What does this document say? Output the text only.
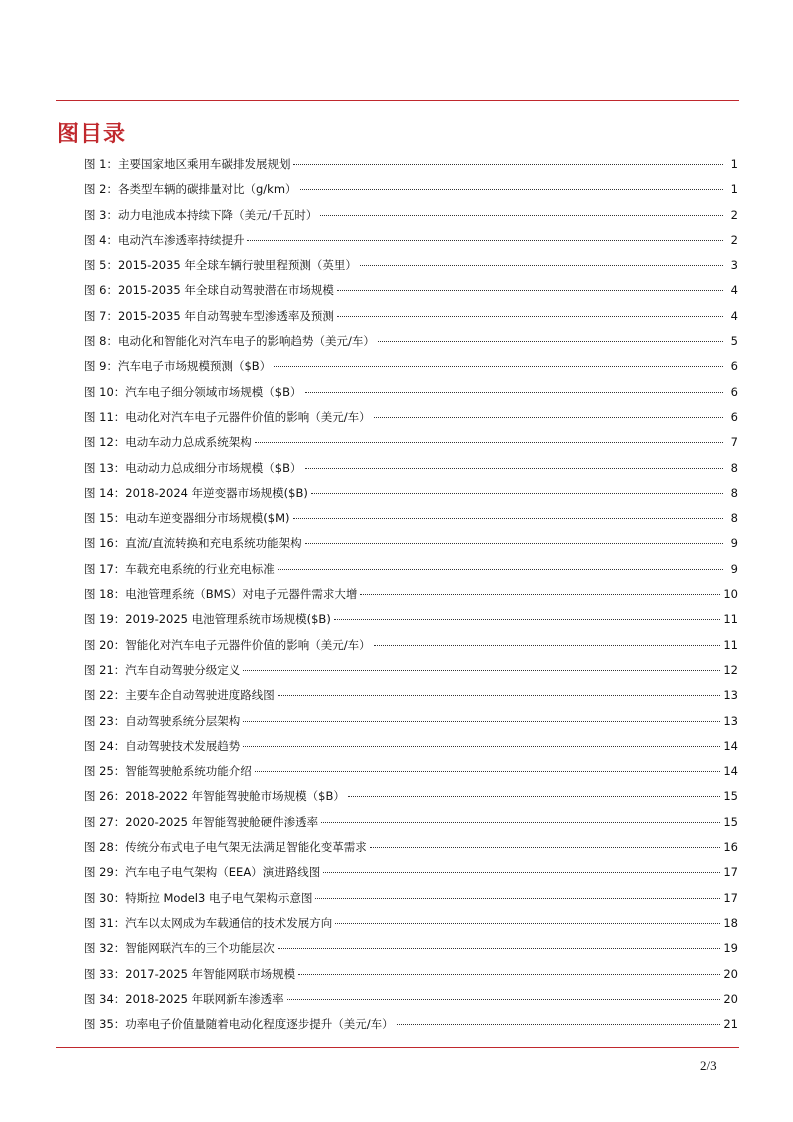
图目录
图 1：主要国家地区乘用车碳排发展规划	1
图 2：各类型车辆的碳排量对比（g/km）	1
图 3：动力电池成本持续下降（美元/千瓦时）	2
图 4：电动汽车渗透率持续提升	2
图 5：2015-2035 年全球车辆行驶里程预测（英里）	3
图 6：2015-2035 年全球自动驾驶潜在市场规模	4
图 7：2015-2035 年自动驾驶车型渗透率及预测	4
图 8：电动化和智能化对汽车电子的影响趋势（美元/车）	5
图 9：汽车电子市场规模预测（$B）	6
图 10：汽车电子细分领域市场规模（$B）	6
图 11：电动化对汽车电子元器件价值的影响（美元/车）	6
图 12：电动车动力总成系统架构	7
图 13：电动动力总成细分市场规模（$B）	8
图 14：2018-2024 年逆变器市场规模($B)	8
图 15：电动车逆变器细分市场规模($M)	8
图 16：直流/直流转换和充电系统功能架构	9
图 17：车载充电系统的行业充电标准	9
图 18：电池管理系统（BMS）对电子元器件需求大增	10
图 19：2019-2025 电池管理系统市场规模($B)	11
图 20：智能化对汽车电子元器件价值的影响（美元/车）	11
图 21：汽车自动驾驶分级定义	12
图 22：主要车企自动驾驶进度路线图	13
图 23：自动驾驶系统分层架构	13
图 24：自动驾驶技术发展趋势	14
图 25：智能驾驶舱系统功能介绍	14
图 26：2018-2022 年智能驾驶舱市场规模（$B）	15
图 27：2020-2025 年智能驾驶舱硬件渗透率	15
图 28：传统分布式电子电气架无法满足智能化变革需求	16
图 29：汽车电子电气架构（EEA）演进路线图	17
图 30：特斯拉 Model3 电子电气架构示意图	17
图 31：汽车以太网成为车载通信的技术发展方向	18
图 32：智能网联汽车的三个功能层次	19
图 33：2017-2025 年智能网联市场规模	20
图 34：2018-2025 年联网新车渗透率	20
图 35：功率电子价值量随着电动化程度逐步提升（美元/车）	21
2/3
